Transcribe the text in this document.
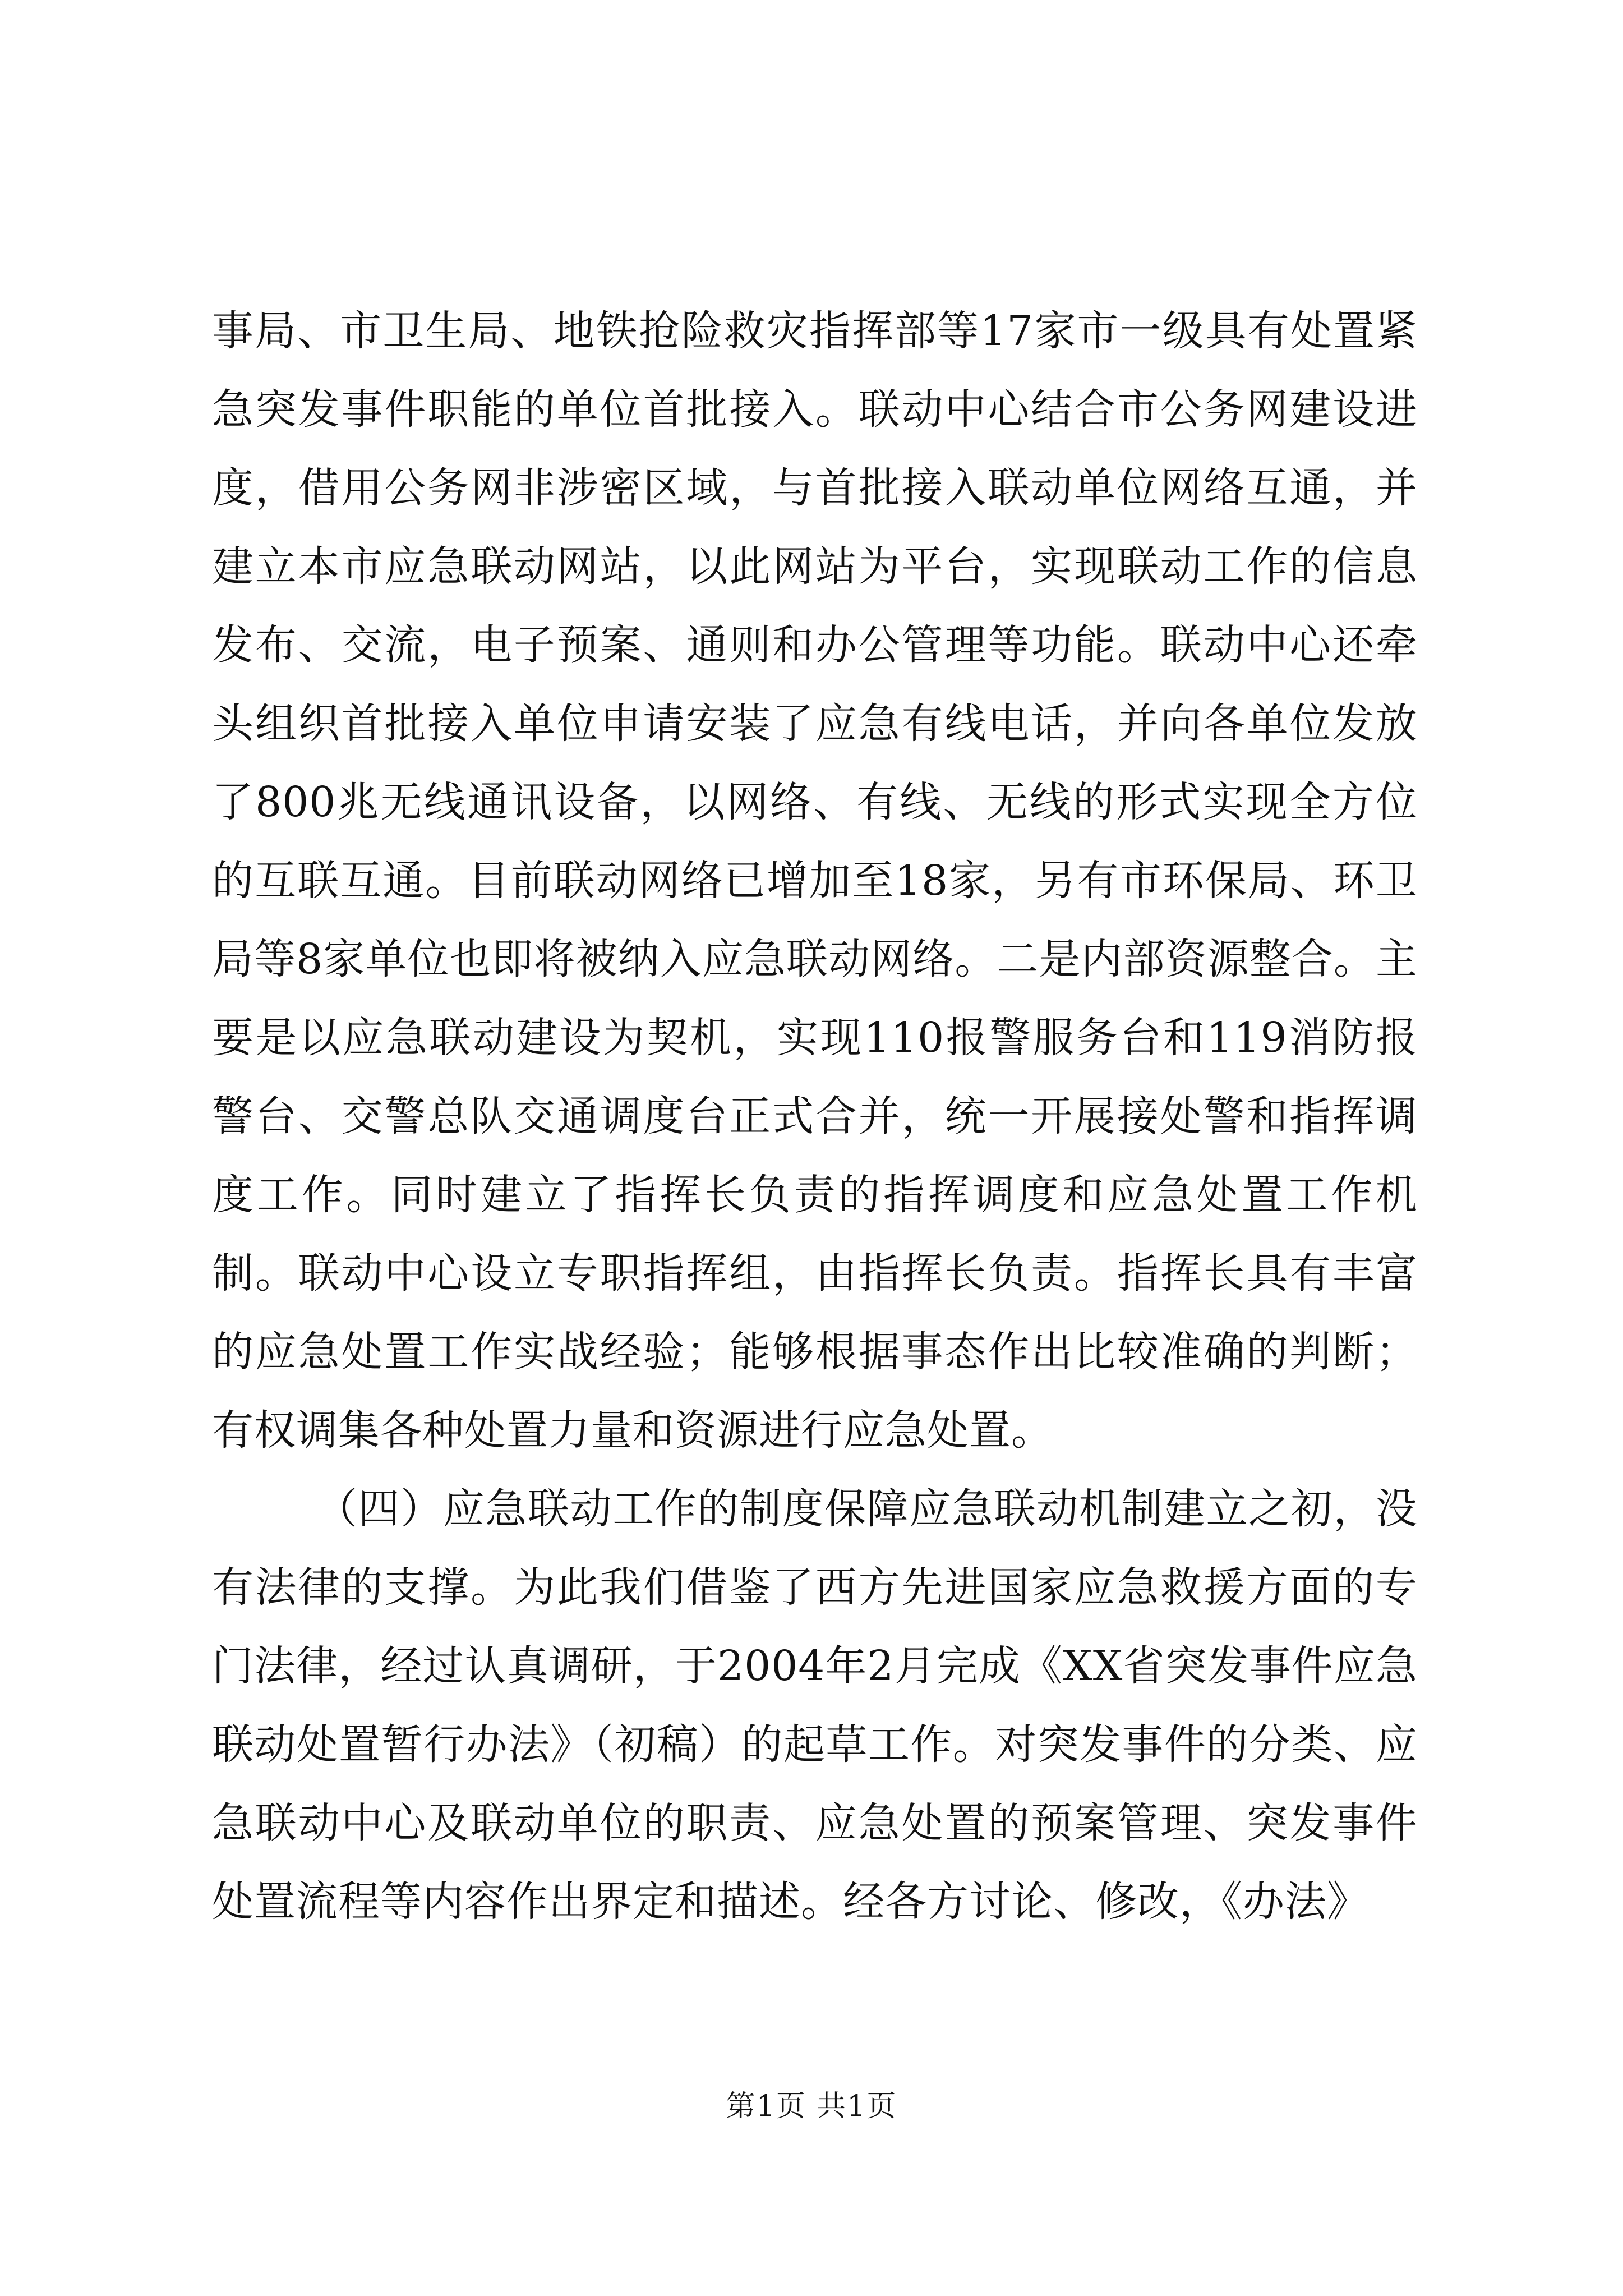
事局、市卫生局、地铁抢险救灾指挥部等17家市一级具有处置紧急突发事件职能的单位首批接入。联动中心结合市公务网建设进度，借用公务网非涉密区域，与首批接入联动单位网络互通，并建立本市应急联动网站，以此网站为平台，实现联动工作的信息发布、交流，电子预案、通则和办公管理等功能。联动中心还牵头组织首批接入单位申请安装了应急有线电话，并向各单位发放了800兆无线通讯设备，以网络、有线、无线的形式实现全方位的互联互通。目前联动网络已增加至18家，另有市环保局、环卫局等8家单位也即将被纳入应急联动网络。二是内部资源整合。主要是以应急联动建设为契机，实现110报警服务台和119消防报警台、交警总队交通调度台正式合并，统一开展接处警和指挥调度工作。同时建立了指挥长负责的指挥调度和应急处置工作机制。联动中心设立专职指挥组，由指挥长负责。指挥长具有丰富的应急处置工作实战经验；能够根据事态作出比较准确的判断；有权调集各种处置力量和资源进行应急处置。

（四）应急联动工作的制度保障应急联动机制建立之初，没有法律的支撑。为此我们借鉴了西方先进国家应急救援方面的专门法律，经过认真调研，于2004年2月完成《XX省突发事件应急联动处置暂行办法》（初稿）的起草工作。对突发事件的分类、应急联动中心及联动单位的职责、应急处置的预案管理、突发事件处置流程等内容作出界定和描述。经各方讨论、修改，《办法》

第1页 共1页
